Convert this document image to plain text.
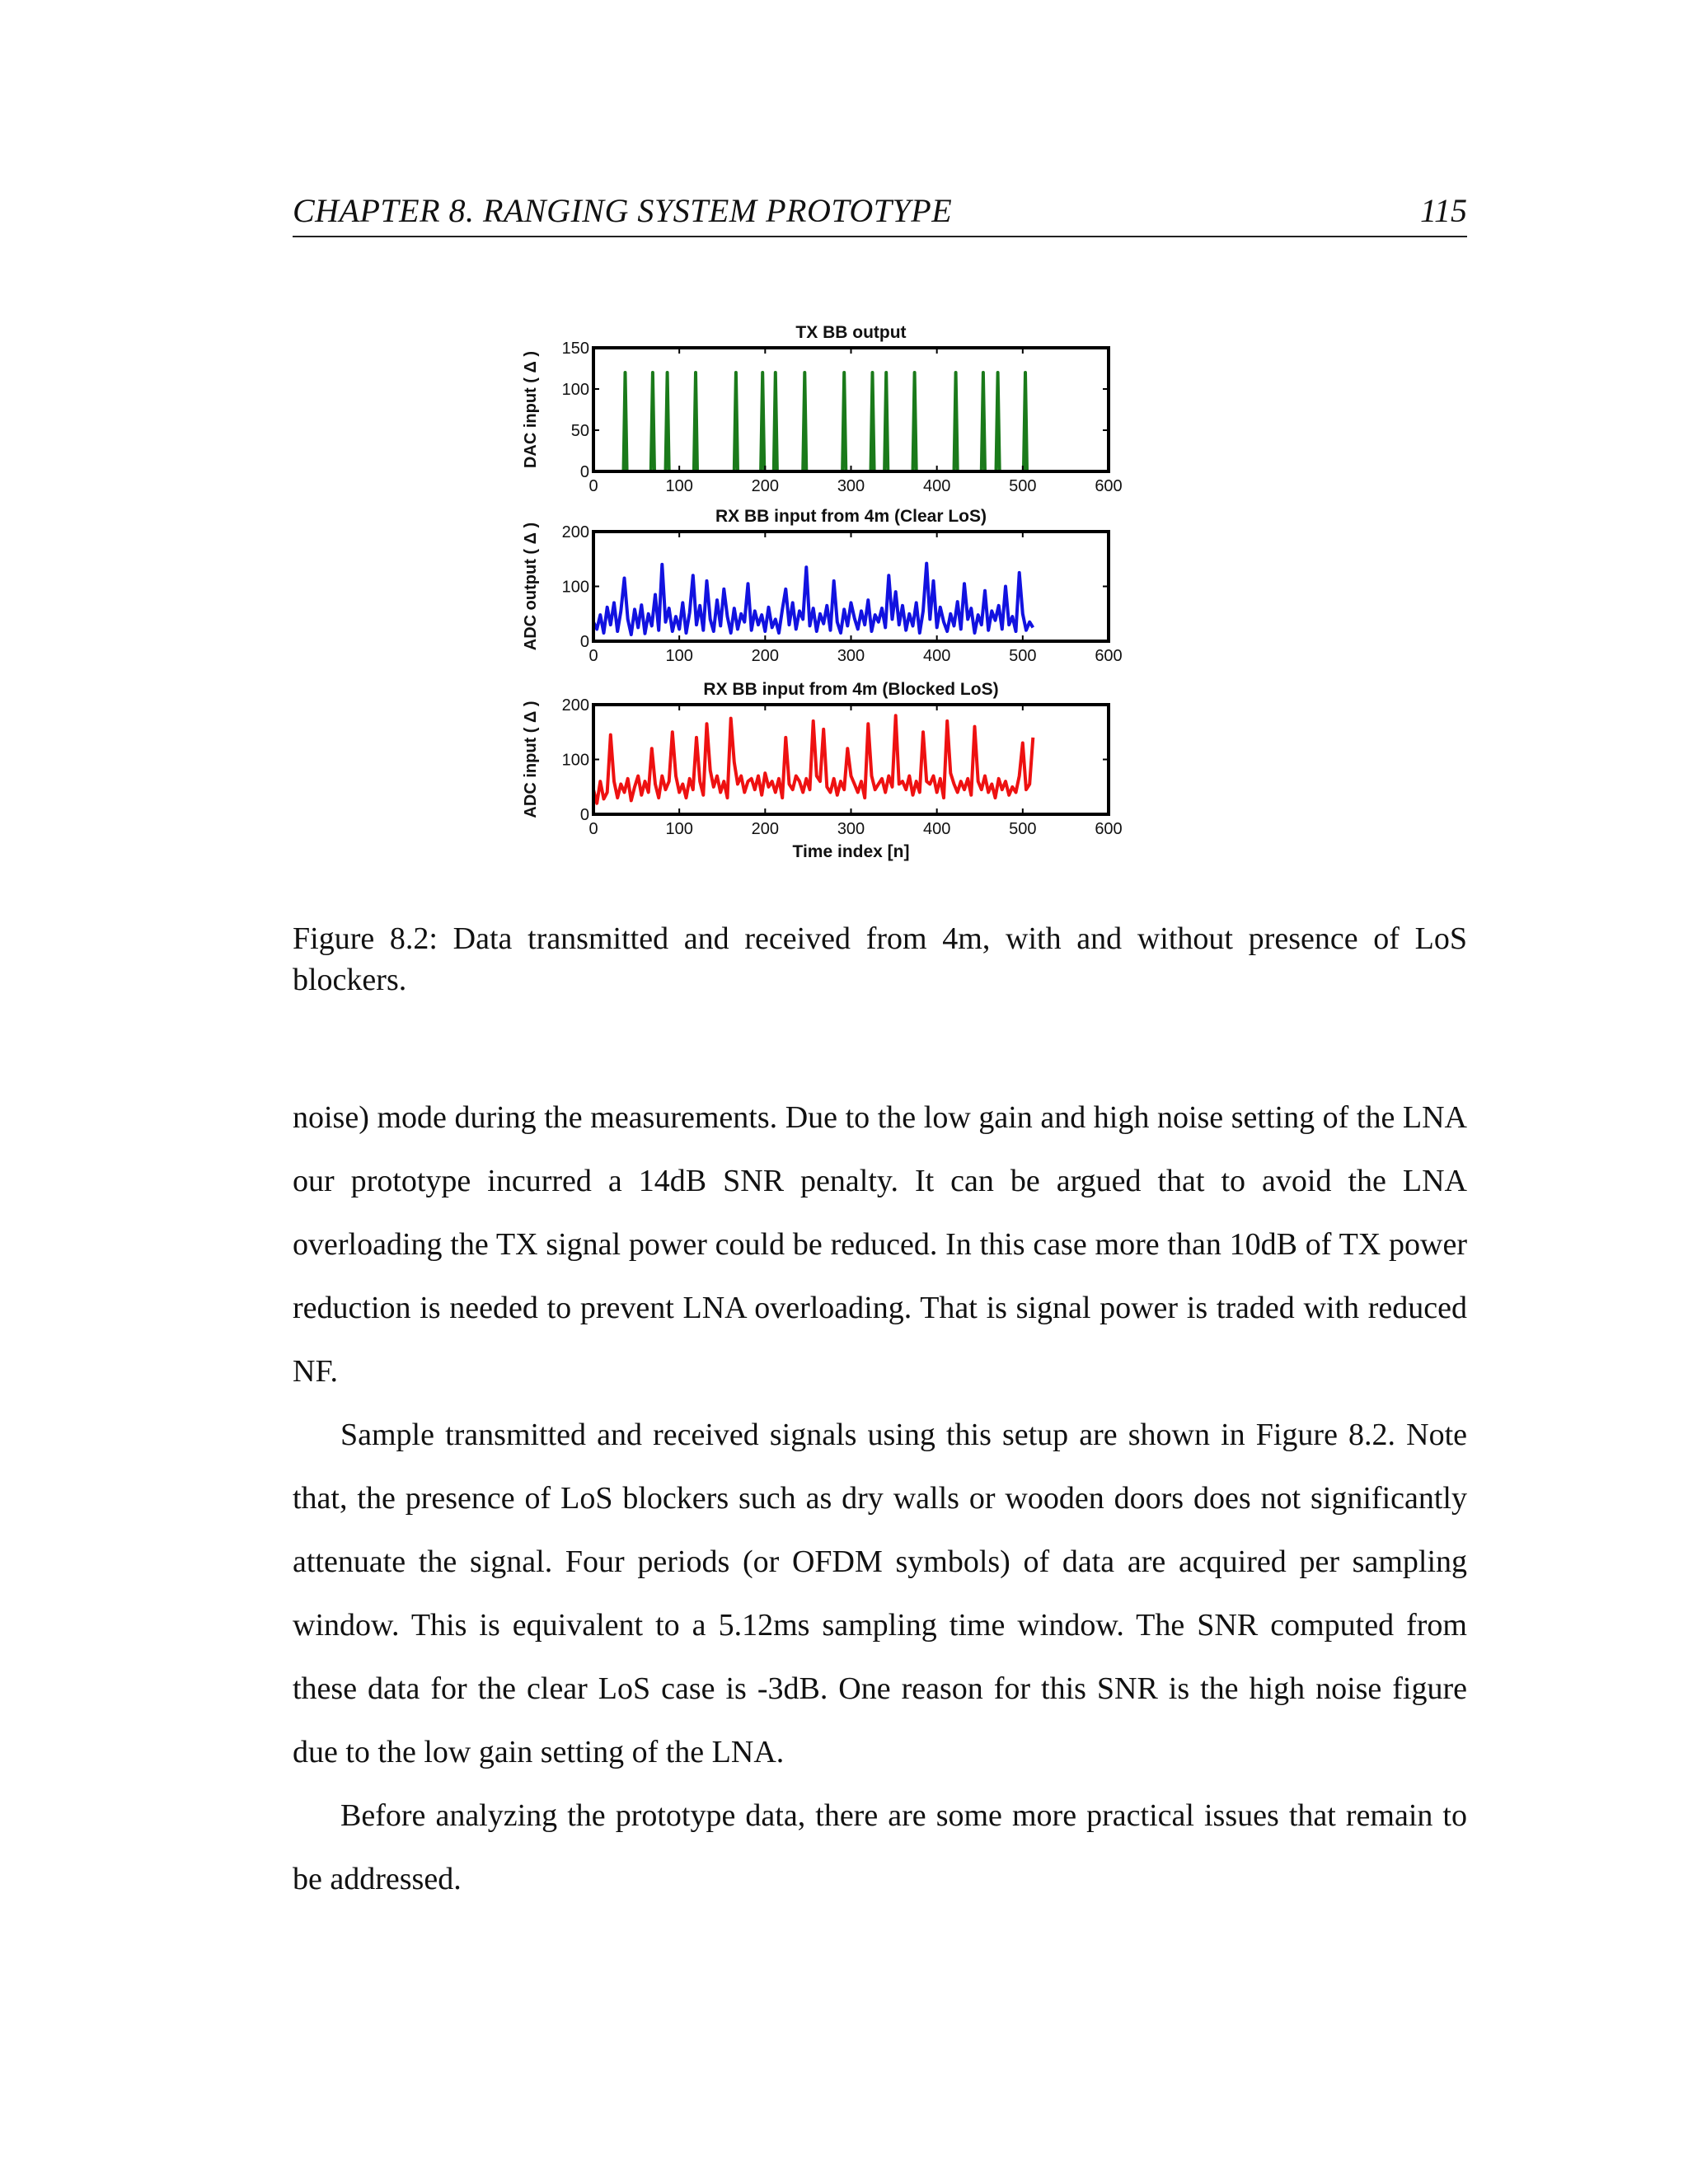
CHAPTER 8. RANGING SYSTEM PROTOTYPE	115
TX BB output
0	100	200	300	400	500	600
0
50
100
150
DAC input ( Δ )
RX BB input from 4m (Clear LoS)
0	100	200	300	400	500	600
0
100
200
ADC output ( Δ )
RX BB input from 4m (Blocked LoS)
0	100	200	300	400	500	600
0
100
200
ADC input ( Δ )
Time index [n]
Figure 8.2: Data transmitted and received from 4m, with and without presence of LoS blockers.

noise) mode during the measurements. Due to the low gain and high noise setting of the LNA our prototype incurred a 14dB SNR penalty. It can be argued that to avoid the LNA overloading the TX signal power could be reduced. In this case more than 10dB of TX power reduction is needed to prevent LNA overloading. That is signal power is traded with reduced NF.

Sample transmitted and received signals using this setup are shown in Figure 8.2. Note that, the presence of LoS blockers such as dry walls or wooden doors does not significantly attenuate the signal. Four periods (or OFDM symbols) of data are acquired per sampling window. This is equivalent to a 5.12ms sampling time window. The SNR computed from these data for the clear LoS case is -3dB. One reason for this SNR is the high noise figure due to the low gain setting of the LNA.

Before analyzing the prototype data, there are some more practical issues that remain to be addressed.
